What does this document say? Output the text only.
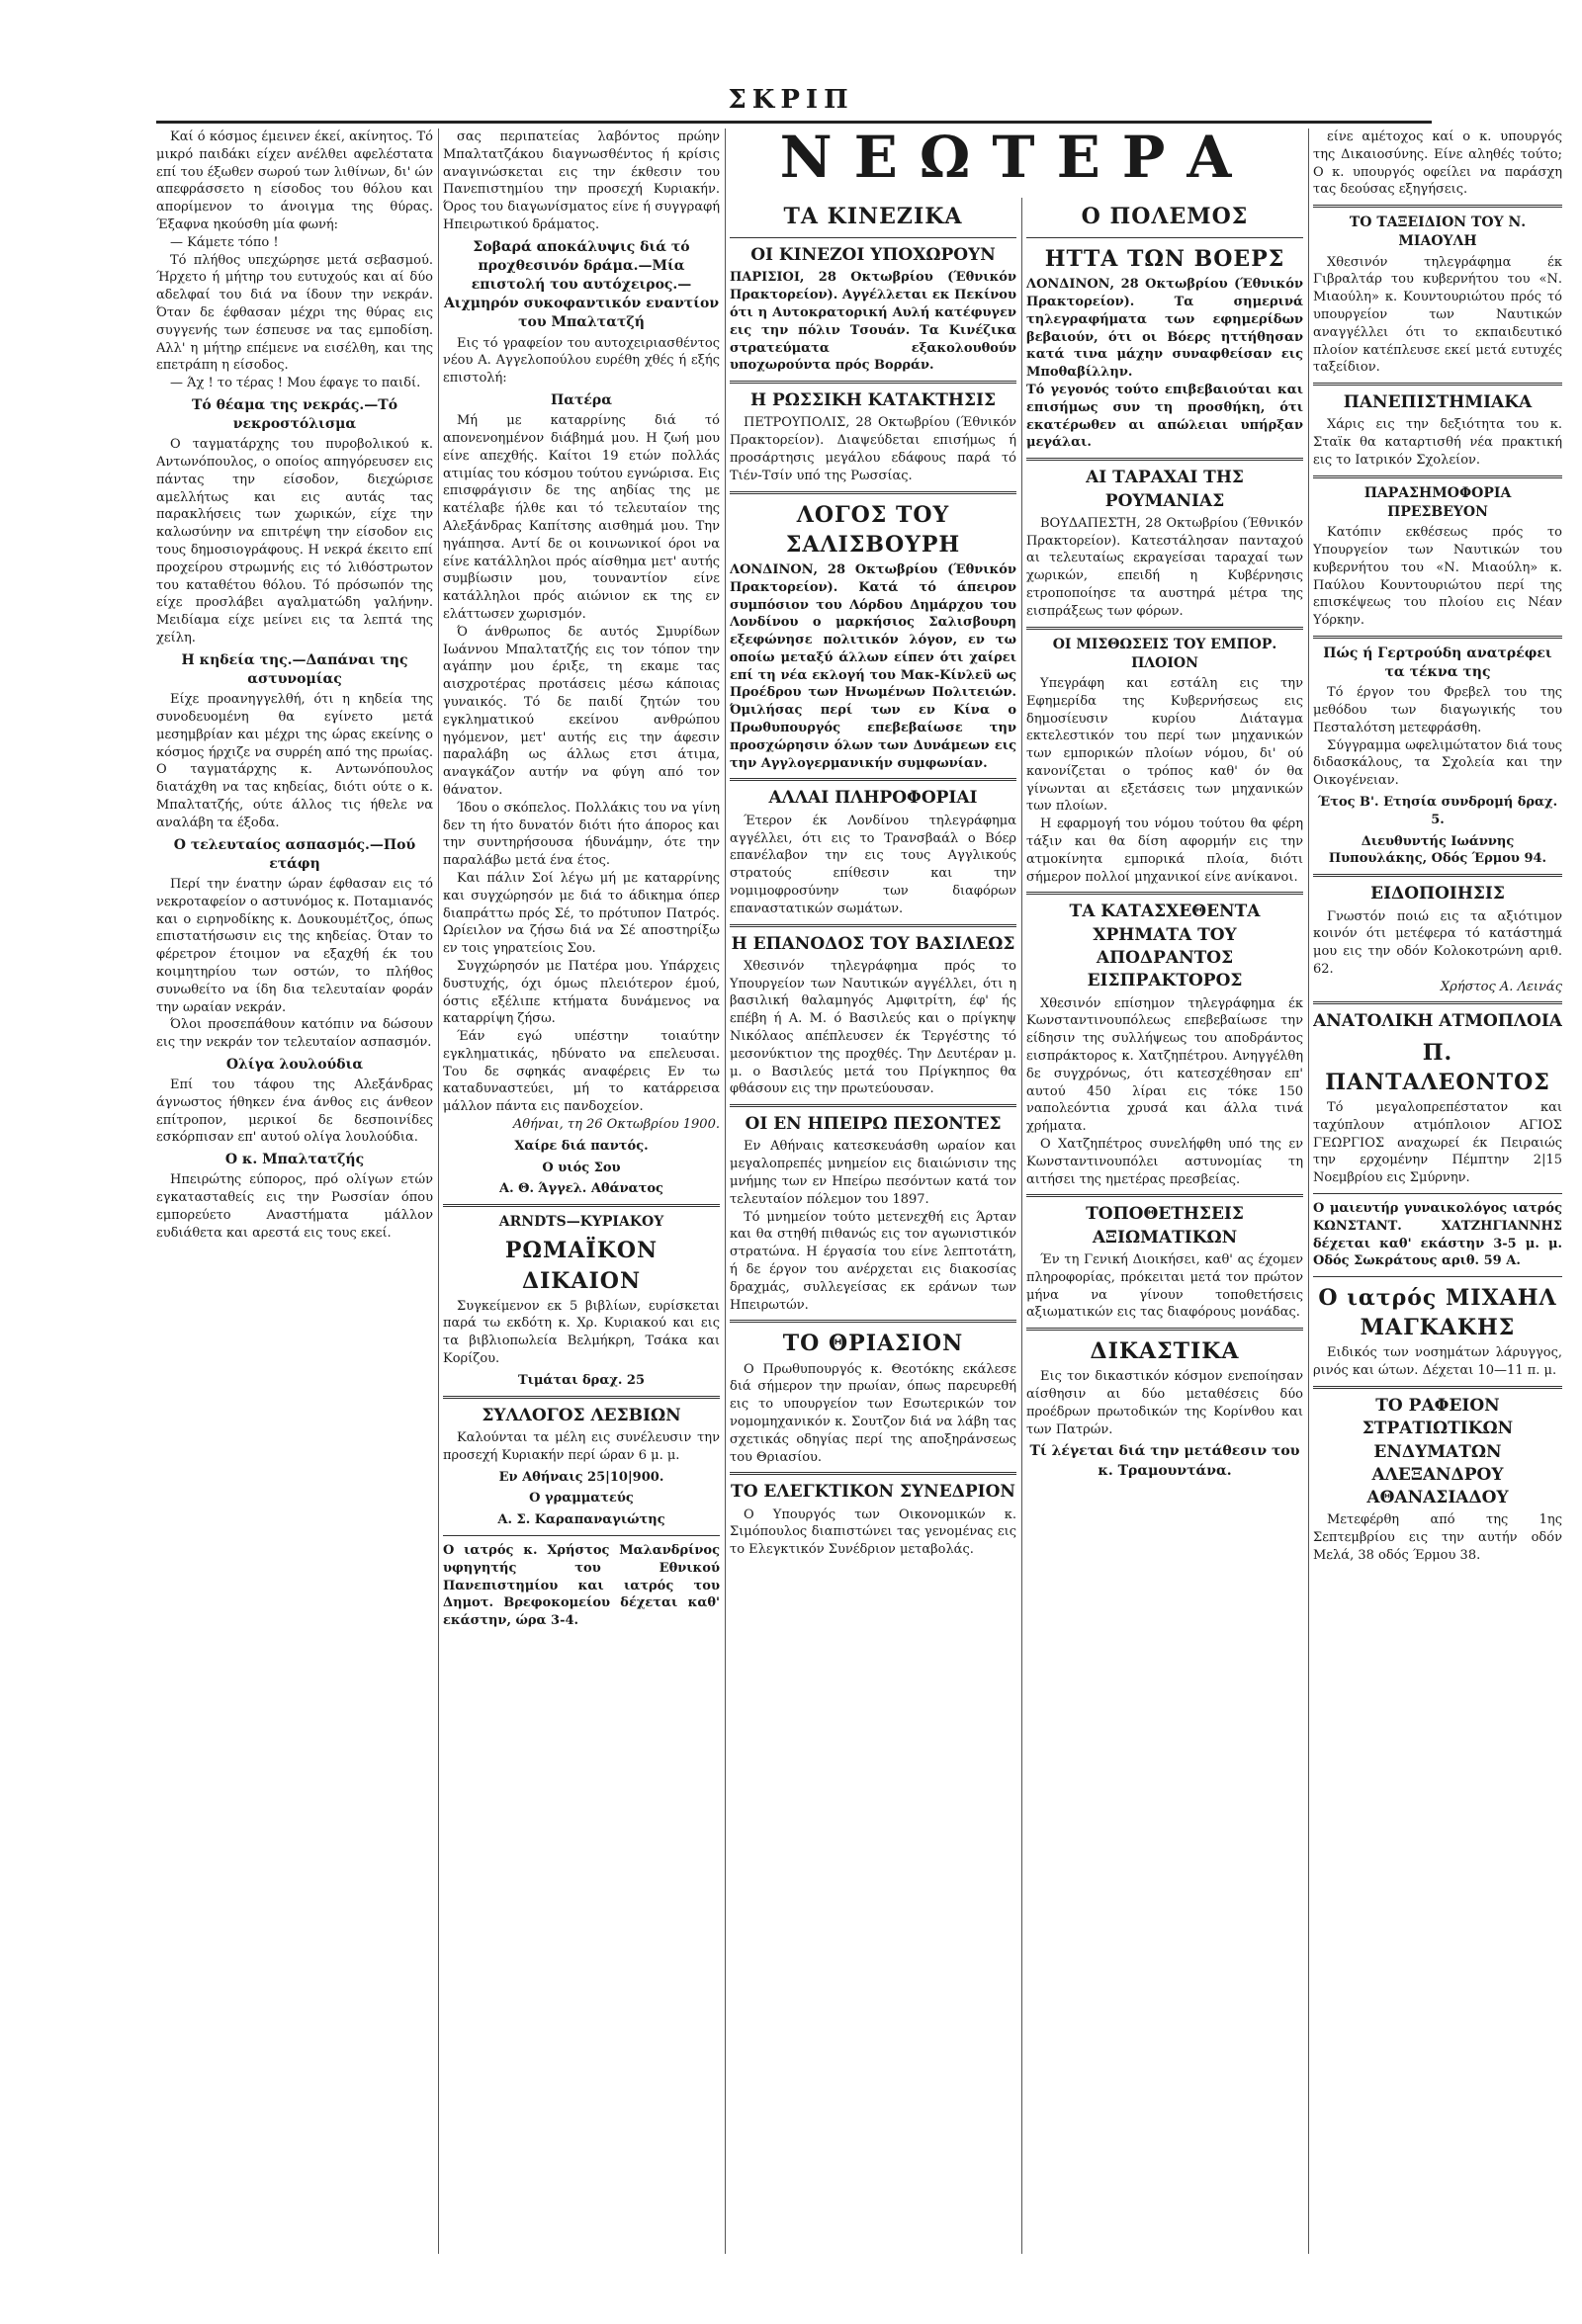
ΣΚΡΙΠ

Καί ό κόσμος έμεινεν έκεί, ακίνητος. Τό μικρό παιδάκι είχεν ανέλθει αφελέστατα επί του έξωθεν σωρού των λιθίνων, δι' ών απεφράσσετο η είσοδος του θόλου και απορίμενον το άνοιγμα της θύρας. Έξαφνα ηκούσθη μία φωνή:

— Κάμετε τόπο !

Τό πλήθος υπεχώρησε μετά σεβασμού. Ήρχετο ή μήτηρ του ευτυχούς και αί δύο αδελφαί του διά να ίδουν την νεκράν. Όταν δε έφθασαν μέχρι της θύρας εις συγγενής των έσπευσε να τας εμποδίση. Αλλ' η μήτηρ επέμενε να εισέλθη, και της επετράπη η είσοδος.

— Άχ ! το τέρας ! Μου έφαγε το παιδί.

Τό θέαμα της νεκράς.—Τό νεκροστόλισμα

Ο ταγματάρχης του πυροβολικού κ. Αντωνόπουλος, ο οποίος απηγόρευσεν εις πάντας την είσοδον, διεχώρισε αμελλήτως και εις αυτάς τας παρακλήσεις των χωρικών, είχε την καλωσύνην να επιτρέψη την είσοδον εις τους δημοσιογράφους. Η νεκρά έκειτο επί προχείρου στρωμνής εις τό λιθόστρωτον του καταθέτου θόλου. Τό πρόσωπόν της είχε προσλάβει αγαλματώδη γαλήνην. Μειδίαμα είχε μείνει εις τα λεπτά της χείλη.

Η κηδεία της.—Δαπάναι της αστυνομίας

Είχε προανηγγελθή, ότι η κηδεία της συνοδευομένη θα εγίνετο μετά μεσημβρίαν και μέχρι της ώρας εκείνης ο κόσμος ήρχιζε να συρρέη από της πρωίας. Ο ταγματάρχης κ. Αντωνόπουλος διατάχθη να τας κηδείας, διότι ούτε ο κ. Μπαλτατζής, ούτε άλλος τις ήθελε να αναλάβη τα έξοδα.

Ο τελευταίος ασπασμός.—Πού ετάφη

Περί την ένατην ώραν έφθασαν εις τό νεκροταφείον ο αστυνόμος κ. Ποταμιανός και ο ειρηνοδίκης κ. Δουκουμέτζος, όπως επιστατήσωσιν εις της κηδείας. Όταν το φέρετρον έτοιμον να εξαχθή έκ του κοιμητηρίου των οστών, το πλήθος συνωθείτο να ίδη δια τελευταίαν φοράν την ωραίαν νεκράν.

Όλοι προσεπάθουν κατόπιν να δώσουν εις την νεκράν τον τελευταίον ασπασμόν.

Ολίγα λουλούδια

Επί του τάφου της Αλεξάνδρας άγνωστος ήθηκεν ένα άνθος εις άνθεον επίτροπον, μερικοί δε δεσποινίδες εσκόρπισαν επ' αυτού ολίγα λουλούδια.

Ο κ. Μπαλτατζής

Ηπειρώτης εύπορος, πρό ολίγων ετών εγκατασταθείς εις την Ρωσσίαν όπου εμπορεύετο Αναστήματα μάλλον ευδιάθετα και αρεστά εις τους εκεί.

σας περιπατείας λαβόντος πρώην Μπαλτατζάκου διαγνωσθέντος ή κρίσις αναγινώσκεται εις την έκθεσιν του Πανεπιστημίου την προσεχή Κυριακήν. Όρος του διαγωνίσματος είνε ή συγγραφή Ηπειρωτικού δράματος.

Σοβαρά αποκάλυψις διά τό προχθεσινόν δράμα.—Μία επιστολή του αυτόχειρος.—Αιχμηρόν συκοφαντικόν εναντίον του Μπαλτατζή

Εις τό γραφείον του αυτοχειριασθέντος νέου Α. Αγγελοπούλου ευρέθη χθές ή εξής επιστολή:

Πατέρα

Μή με καταρρίνης διά τό απονενοημένον διάβημά μου. Η ζωή μου είνε απεχθής. Καίτοι 19 ετών πολλάς ατιμίας του κόσμου τούτου εγνώρισα. Εις επισφράγισιν δε της αηδίας της με κατέλαβε ήλθε και τό τελευταίον της Αλεξάνδρας Καπίτσης αισθημά μου. Την ηγάπησα. Αντί δε οι κοινωνικοί όροι να είνε κατάλληλοι πρός αίσθημα μετ' αυτής συμβίωσιν μου, τουναντίον είνε κατάλληλοι πρός αιώνιον εκ της εν ελάττωσεν χωρισμόν.

Ό άνθρωπος δε αυτός Σμυρίδων Ιωάννου Μπαλτατζής εις τον τόπον την αγάπην μου έριξε, τη εκαμε τας αισχροτέρας προτάσεις μέσω κάποιας γυναικός. Τό δε παιδί ζητών του εγκληματικού εκείνου ανθρώπου ηγόμενον, μετ' αυτής εις την άφεσιν παραλάβη ως άλλως ετσι άτιμα, αναγκάζον αυτήν να φύγη από τον θάνατον.

Ίδου ο σκόπελος. Πολλάκις του να γίνη δεν τη ήτο δυνατόν διότι ήτο άπορος και την συντηρήσουσα ήδυνάμην, ότε την παραλάβω μετά ένα έτος.

Και πάλιν Σοί λέγω μή με καταρρίνης και συγχώρησόν με διά το άδικημα όπερ διαπράττω πρός Σέ, το πρότυπον Πατρός. Ωρίειλον να ζήσω διά να Σέ αποστηρίξω εν τοις γηρατείοις Σου.

Συγχώρησόν με Πατέρα μου. Υπάρχεις δυστυχής, όχι όμως πλειότερον έμού, όστις εξέλιπε κτήματα δυνάμενος να καταρρίψη ζήσω.

Έάν εγώ υπέστην τοιαύτην εγκληματικάς, ηδύνατο να επελευσαι. Του δε σφηκάς αναφέρεις Εν τω καταδυναστεύει, μή το κατάρρεισα μάλλον πάντα εις πανδοχείον.

Αθήναι, τη 26 Οκτωβρίου 1900.

Χαίρε διά παντός.

Ο υιός Σου

Α. Θ. Άγγελ. Αθάνατος

ARNDTS—ΚΥΡΙΑΚΟΥ

ΡΩΜΑΪΚΟΝ ΔΙΚΑΙΟΝ

Συγκείμενον εκ 5 βιβλίων, ευρίσκεται παρά τω εκδότη κ. Χρ. Κυριακού και εις τα βιβλιοπωλεία Βελμήκρη, Τσάκα και Κορίζου.

Τιμάται δραχ. 25

ΣΥΛΛΟΓΟΣ ΛΕΣΒΙΩΝ

Καλούνται τα μέλη εις συνέλευσιν την προσεχή Κυριακήν περί ώραν 6 μ. μ.

Εν Αθήναις 25|10|900.

Ο γραμματεύς

Α. Σ. Καραπαναγιώτης

Ο ιατρός κ. Χρήστος Μαλανδρίνος υφηγητής του Εθνικού Πανεπιστημίου και ιατρός του Δημοτ. Βρεφοκομείου δέχεται καθ' εκάστην, ώρα 3-4.

ΝΕΩΤΕΡΑ

ΤΑ ΚΙΝΕΖΙΚΑ

ΟΙ ΚΙΝΕΖΟΙ ΥΠΟΧΩΡΟΥΝ

ΠΑΡΙΣΙΟΙ, 28 Οκτωβρίου (Έθνικόν Πρακτορείον). Αγγέλλεται εκ Πεκίνου ότι η Αυτοκρατορική Αυλή κατέφυγεν εις την πόλιν Τσουάν. Τα Κινέζικα στρατεύματα εξακολουθούν υποχωρούντα πρός Βορράν.

Η ΡΩΣΣΙΚΗ ΚΑΤΑΚΤΗΣΙΣ

ΠΕΤΡΟΥΠΟΛΙΣ, 28 Οκτωβρίου (Έθνικόν Πρακτορείον). Διαψεύδεται επισήμως ή προσάρτησις μεγάλου εδάφους παρά τό Τιέν-Τσίν υπό της Ρωσσίας.

ΛΟΓΟΣ ΤΟΥ ΣΑΛΙΣΒΟΥΡΗ

ΛΟΝΔΙΝΟΝ, 28 Οκτωβρίου (Έθνικόν Πρακτορείον). Κατά τό άπειρον συμπόσιον του Λόρδου Δημάρχου του Λονδίνου ο μαρκήσιος Σαλισβουρη εξεφώνησε πολιτικόν λόγον, εν τω οποίω μεταξύ άλλων είπεν ότι χαίρει επί τη νέα εκλογή του Μακ-Κίνλεϋ ως Προέδρου των Ηνωμένων Πολιτειών. Όμιλήσας περί των εν Κίνα ο Πρωθυπουργός επεβεβαίωσε την προσχώρησιν όλων των Δυνάμεων εις την Αγγλογερμανικήν συμφωνίαν.

ΑΛΛΑΙ ΠΛΗΡΟΦΟΡΙΑΙ

Έτερον έκ Λονδίνου τηλεγράφημα αγγέλλει, ότι εις το Τρανσβαάλ ο Βόερ επανέλαβον την εις τους Αγγλικούς στρατούς επίθεσιν και την νομιμοφροσύνην των διαφόρων επαναστατικών σωμάτων.

Η ΕΠΑΝΟΔΟΣ ΤΟΥ ΒΑΣΙΛΕΩΣ

Χθεσινόν τηλεγράφημα πρός το Υπουργείον των Ναυτικών αγγέλλει, ότι η βασιλική θαλαμηγός Αμφιτρίτη, έφ' ής επέβη ή Α. Μ. ό Βασιλεύς και ο πρίγκηψ Νικόλαος απέπλευσεν έκ Τεργέστης τό μεσονύκτιον της προχθές. Την Δευτέραν μ. μ. ο Βασιλεύς μετά του Πρίγκηπος θα φθάσουν εις την πρωτεύουσαν.

ΟΙ ΕΝ ΗΠΕΙΡΩ ΠΕΣΟΝΤΕΣ

Εν Αθήναις κατεσκευάσθη ωραίον και μεγαλοπρεπές μνημείον εις διαιώνισιν της μνήμης των εν Ηπείρω πεσόντων κατά τον τελευταίον πόλεμον του 1897.

Τό μνημείον τούτο μετενεχθή εις Άρταν και θα στηθή πιθανώς εις τον αγωνιστικόν στρατώνα. Η έργασία του είνε λεπτοτάτη, ή δε έργον του ανέρχεται εις διακοσίας δραχμάς, συλλεγείσας εκ εράνων των Ηπειρωτών.

ΤΟ ΘΡΙΑΣΙΟΝ

Ο Πρωθυπουργός κ. Θεοτόκης εκάλεσε διά σήμερον την πρωίαν, όπως παρευρεθή εις το υπουργείον των Εσωτερικών τον νομομηχανικόν κ. Σουτζον διά να λάβη τας σχετικάς οδηγίας περί της αποξηράνσεως του Θριασίου.

ΤΟ ΕΛΕΓΚΤΙΚΟΝ ΣΥΝΕΔΡΙΟΝ

Ο Υπουργός των Οικονομικών κ. Σιμόπουλος διαπιστώνει τας γενομένας εις το Ελεγκτικόν Συνέδριον μεταβολάς.

Ο ΠΟΛΕΜΟΣ

ΗΤΤΑ ΤΩΝ ΒΟΕΡΣ

ΛΟΝΔΙΝΟΝ, 28 Οκτωβρίου (Έθνικόν Πρακτορείον). Τα σημερινά τηλεγραφήματα των εφημερίδων βεβαιούν, ότι οι Βόερς ηττήθησαν κατά τινα μάχην συναφθείσαν εις Μποθαβίλλην.

Τό γεγονός τούτο επιβεβαιούται και επισήμως συν τη προσθήκη, ότι εκατέρωθεν αι απώλειαι υπήρξαν μεγάλαι.

ΑΙ ΤΑΡΑΧΑΙ ΤΗΣ ΡΟΥΜΑΝΙΑΣ

ΒΟΥΔΑΠΕΣΤΗ, 28 Οκτωβρίου (Έθνικόν Πρακτορείον). Κατεστάλησαν πανταχού αι τελευταίως εκραγείσαι ταραχαί των χωρικών, επειδή η Κυβέρνησις ετροποποίησε τα αυστηρά μέτρα της εισπράξεως των φόρων.

ΟΙ ΜΙΣΘΩΣΕΙΣ ΤΟΥ ΕΜΠΟΡ. ΠΛΟΙΟΝ

Υπεγράφη και εστάλη εις την Εφημερίδα της Κυβερνήσεως εις δημοσίευσιν κυρίου Διάταγμα εκτελεστικόν του περί των μηχανικών των εμπορικών πλοίων νόμου, δι' ού κανονίζεται ο τρόπος καθ' όν θα γίνωνται αι εξετάσεις των μηχανικών των πλοίων.

Η εφαρμογή του νόμου τούτου θα φέρη τάξιν και θα δίση αφορμήν εις την ατμοκίνητα εμπορικά πλοία, διότι σήμερον πολλοί μηχανικοί είνε ανίκανοι.

ΤΑ ΚΑΤΑΣΧΕΘΕΝΤΑ ΧΡΗΜΑΤΑ ΤΟΥ ΑΠΟΔΡΑΝΤΟΣ ΕΙΣΠΡΑΚΤΟΡΟΣ

Χθεσινόν επίσημον τηλεγράφημα έκ Κωνσταντινουπόλεως επεβεβαίωσε την είδησιν της συλλήψεως του αποδράντος εισπράκτορος κ. Χατζηπέτρου. Ανηγγέλθη δε συγχρόνως, ότι κατεσχέθησαν επ' αυτού 450 λίραι εις τόκε 150 ναπολεόντια χρυσά και άλλα τινά χρήματα.

Ο Χατζηπέτρος συνελήφθη υπό της εν Κωνσταντινουπόλει αστυνομίας τη αιτήσει της ημετέρας πρεσβείας.

ΤΟΠΟΘΕΤΗΣΕΙΣ ΑΞΙΩΜΑΤΙΚΩΝ

Έν τη Γενική Διοικήσει, καθ' ας έχομεν πληροφορίας, πρόκειται μετά τον πρώτον μήνα να γίνουν τοποθετήσεις αξιωματικών εις τας διαφόρους μονάδας.

ΔΙΚΑΣΤΙΚΑ

Εις τον δικαστικόν κόσμον ενεποίησαν αίσθησιν αι δύο μεταθέσεις δύο προέδρων πρωτοδικών της Κορίνθου και των Πατρών.

Τί λέγεται διά την μετάθεσιν του κ. Τραμουντάνα.

είνε αμέτοχος καί ο κ. υπουργός της Δικαιοσύνης. Είνε αληθές τούτο; Ο κ. υπουργός οφείλει να παράσχη τας δεούσας εξηγήσεις.

ΤΟ ΤΑΞΕΙΔΙΟΝ ΤΟΥ Ν. ΜΙΑΟΥΛΗ

Χθεσινόν τηλεγράφημα έκ Γιβραλτάρ του κυβερνήτου του «Ν. Μιαούλη» κ. Κουντουριώτου πρός τό υπουργείον των Ναυτικών αναγγέλλει ότι το εκπαιδευτικό πλοίον κατέπλευσε εκεί μετά ευτυχές ταξείδιον.

ΠΑΝΕΠΙΣΤΗΜΙΑΚΑ

Χάρις εις την δεξιότητα του κ. Σταϊκ θα καταρτισθή νέα πρακτική εις το Ιατρικόν Σχολείον.

ΠΑΡΑΣΗΜΟΦΟΡΙΑ ΠΡΕΣΒΕΥΟΝ

Κατόπιν εκθέσεως πρός το Υπουργείον των Ναυτικών του κυβερνήτου του «Ν. Μιαούλη» κ. Παύλου Κουντουριώτου περί της επισκέψεως του πλοίου εις Νέαν Υόρκην.

Πώς ή Γερτρούδη ανατρέφει τα τέκνα της

Τό έργον του Φρεβελ του της μεθόδου των διαγωγικής του Πεσταλότση μετεφράσθη.

Σύγγραμμα ωφελιμώτατον διά τους διδασκάλους, τα Σχολεία και την Οικογένειαν.

Έτος Β'. Ετησία συνδρομή δραχ. 5.

Διευθυντής Ιωάννης Πυπουλάκης, Οδός Έρμου 94.

ΕΙΔΟΠΟΙΗΣΙΣ

Γνωστόν ποιώ εις τα αξιότιμον κοινόν ότι μετέφερα τό κατάστημά μου εις την οδόν Κολοκοτρώνη αριθ. 62.

Χρήστος Α. Λεινάς

ΑΝΑΤΟΛΙΚΗ ΑΤΜΟΠΛΟΙΑ

Π. ΠΑΝΤΑΛΕΟΝΤΟΣ

Τό μεγαλοπρεπέστατον και ταχύπλουν ατμόπλοιον ΑΓΙΟΣ ΓΕΩΡΓΙΟΣ αναχωρεί έκ Πειραιώς την ερχομένην Πέμπτην 2|15 Νοεμβρίου εις Σμύρνην.

Ο μαιευτήρ γυναικολόγος ιατρός ΚΩΝΣΤΑΝΤ. ΧΑΤΖΗΓΙΑΝΝΗΣ δέχεται καθ' εκάστην 3-5 μ. μ. Οδός Σωκράτους αριθ. 59 Α.

Ο ιατρός ΜΙΧΑΗΛ ΜΑΓΚΑΚΗΣ

Ειδικός των νοσημάτων λάρυγγος, ρινός και ώτων. Δέχεται 10—11 π. μ.

ΤΟ ΡΑΦΕΙΟΝ ΣΤΡΑΤΙΩΤΙΚΩΝ ΕΝΔΥΜΑΤΩΝ ΑΛΕΞΑΝΔΡΟΥ ΑΘΑΝΑΣΙΑΔΟΥ

Μετεφέρθη από της 1ης Σεπτεμβρίου εις την αυτήν οδόν Μελά, 38 οδός Έρμου 38.
